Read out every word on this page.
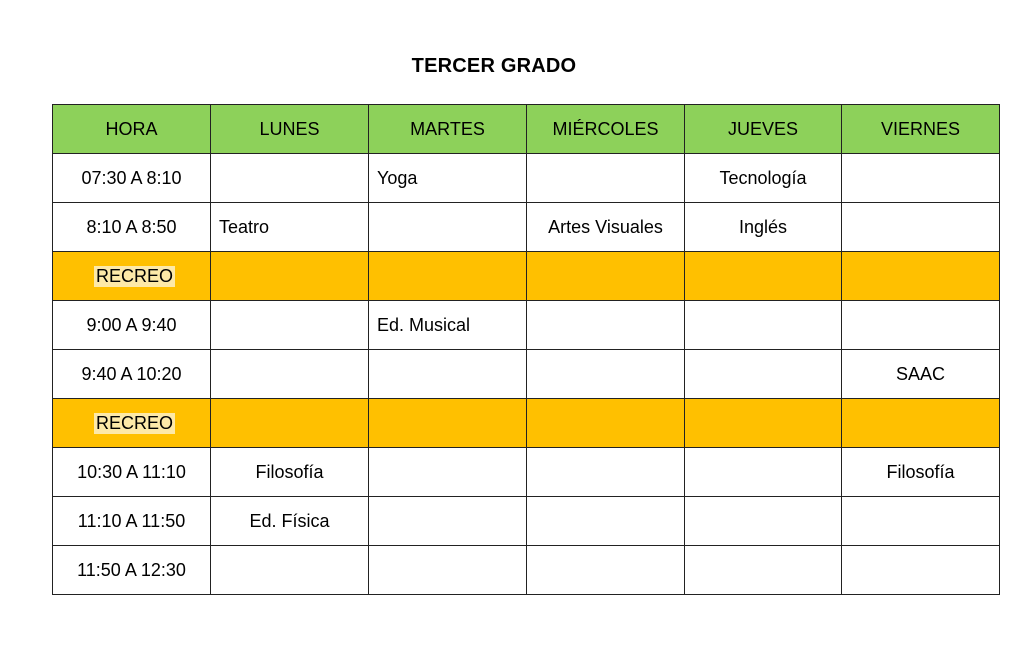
TERCER GRADO
HORA	LUNES	MARTES	MIÉRCOLES	JUEVES	VIERNES
07:30 A 8:10		Yoga		Tecnología	
8:10 A 8:50	Teatro		Artes Visuales	Inglés	
RECREO					
9:00 A 9:40		Ed. Musical			
9:40 A 10:20					SAAC
RECREO					
10:30 A 11:10	Filosofía				Filosofía
11:10 A 11:50	Ed. Física				
11:50 A 12:30					
